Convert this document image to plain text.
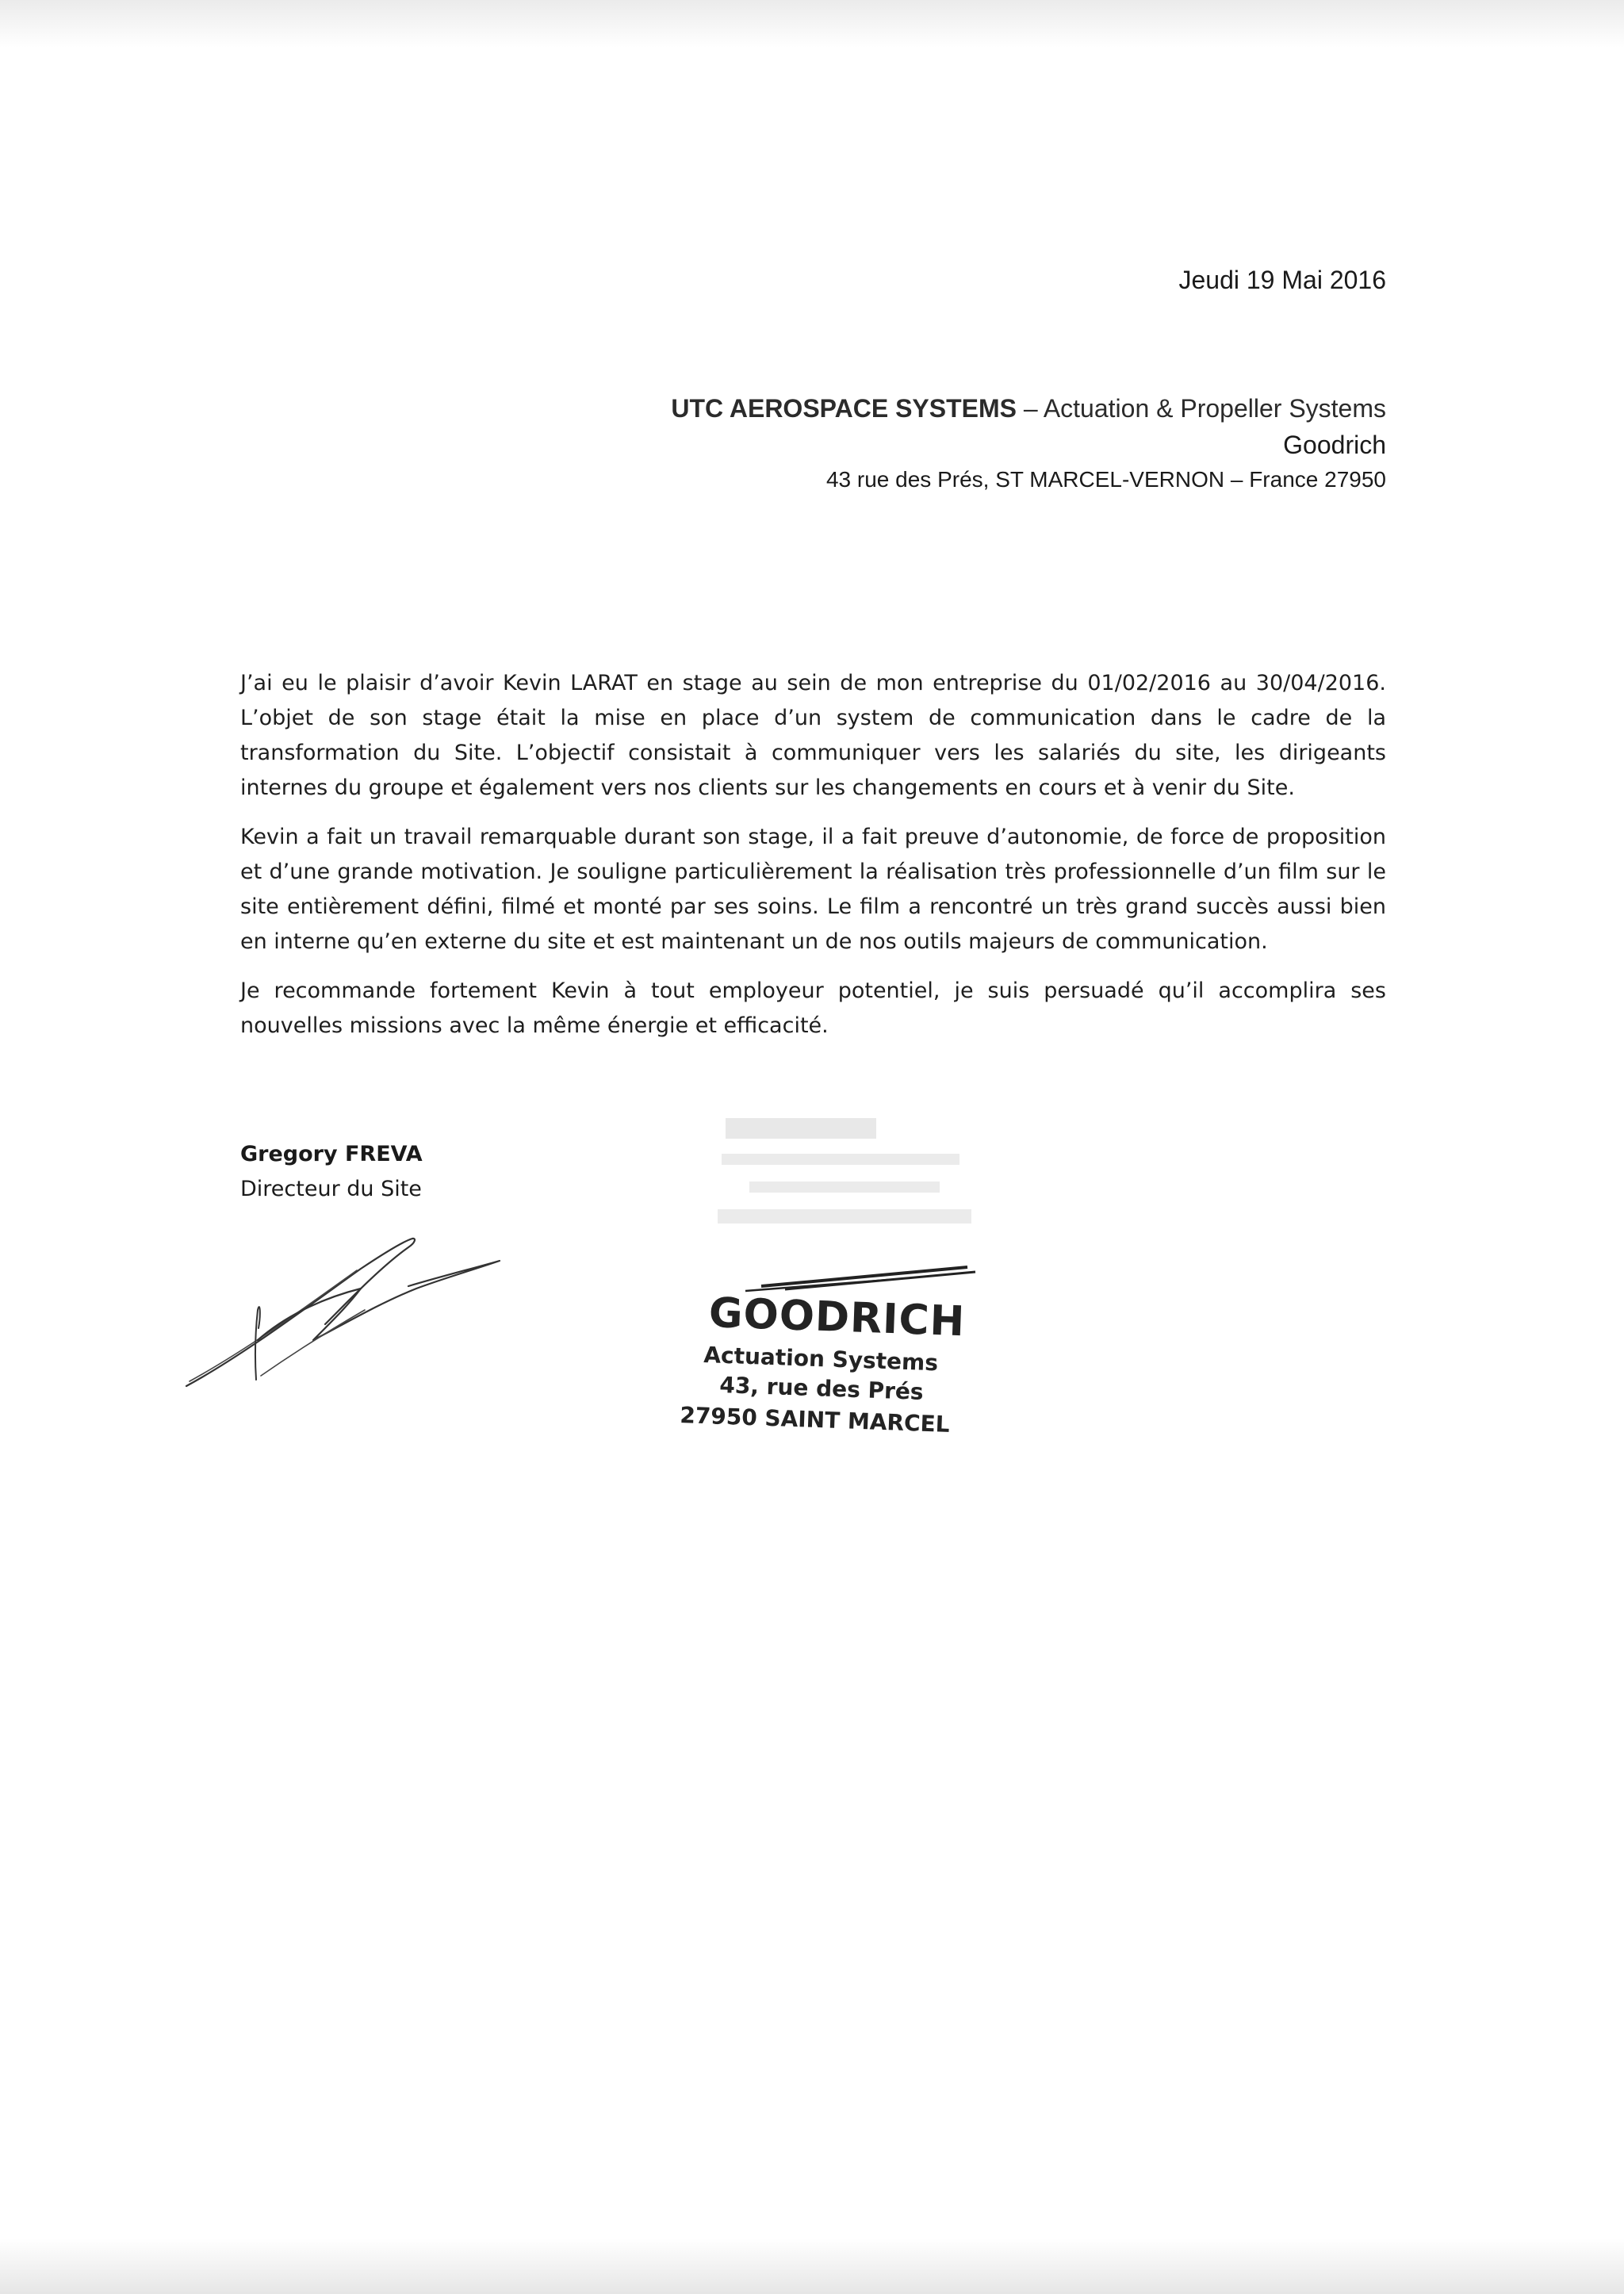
Jeudi 19 Mai 2016
UTC AEROSPACE SYSTEMS – Actuation & Propeller Systems
Goodrich
43 rue des Prés, ST MARCEL-VERNON – France 27950

J’ai eu le plaisir d’avoir Kevin LARAT en stage au sein de mon entreprise du 01/02/2016 au 30/04/2016. L’objet de son stage était la mise en place d’un system de communication dans le cadre de la transformation du Site. L’objectif consistait à communiquer vers les salariés du site, les dirigeants internes du groupe et également vers nos clients sur les changements en cours et à venir du Site.

Kevin a fait un travail remarquable durant son stage, il a fait preuve d’autonomie, de force de proposition et d’une grande motivation. Je souligne particulièrement la réalisation très professionnelle d’un film sur le site entièrement défini, filmé et monté par ses soins. Le film a rencontré un très grand succès aussi bien en interne qu’en externe du site et est maintenant un de nos outils majeurs de communication.

Je recommande fortement Kevin à tout employeur potentiel, je suis persuadé qu’il accomplira ses nouvelles missions avec la même énergie et efficacité.

Gregory FREVA
Directeur du Site
GOODRICH
Actuation Systems
43, rue des Prés
27950 SAINT MARCEL
